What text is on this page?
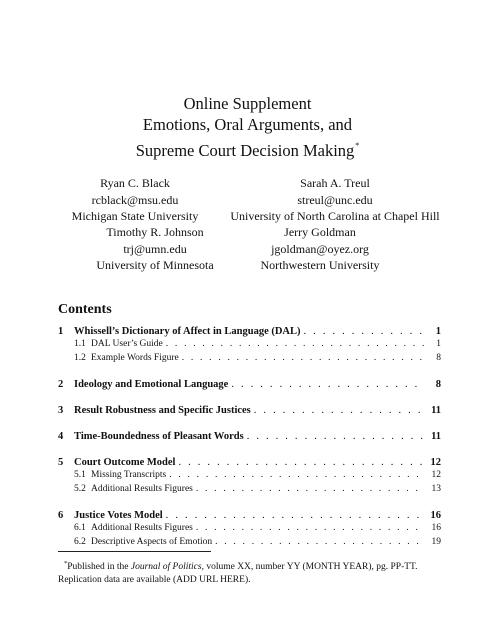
Online Supplement
Emotions, Oral Arguments, and
Supreme Court Decision Making*
Ryan C. Black
rcblack@msu.edu
Michigan State University
Sarah A. Treul
streul@unc.edu
University of North Carolina at Chapel Hill
Timothy R. Johnson
trj@umn.edu
University of Minnesota
Jerry Goldman
jgoldman@oyez.org
Northwestern University
Contents
1	Whissell’s Dictionary of Affect in Language (DAL) . . .	1
1.1 DAL User’s Guide . . .	1
1.2 Example Words Figure . . .	8
2	Ideology and Emotional Language . . .	8
3	Result Robustness and Specific Justices . . .	11
4	Time-Boundedness of Pleasant Words . . .	11
5	Court Outcome Model . . .	12
5.1 Missing Transcripts . . .	12
5.2 Additional Results Figures . . .	13
6	Justice Votes Model . . .	16
6.1 Additional Results Figures . . .	16
6.2 Descriptive Aspects of Emotion . . .	19
*Published in the Journal of Politics, volume XX, number YY (MONTH YEAR), pg. PP-TT.
Replication data are available (ADD URL HERE).
